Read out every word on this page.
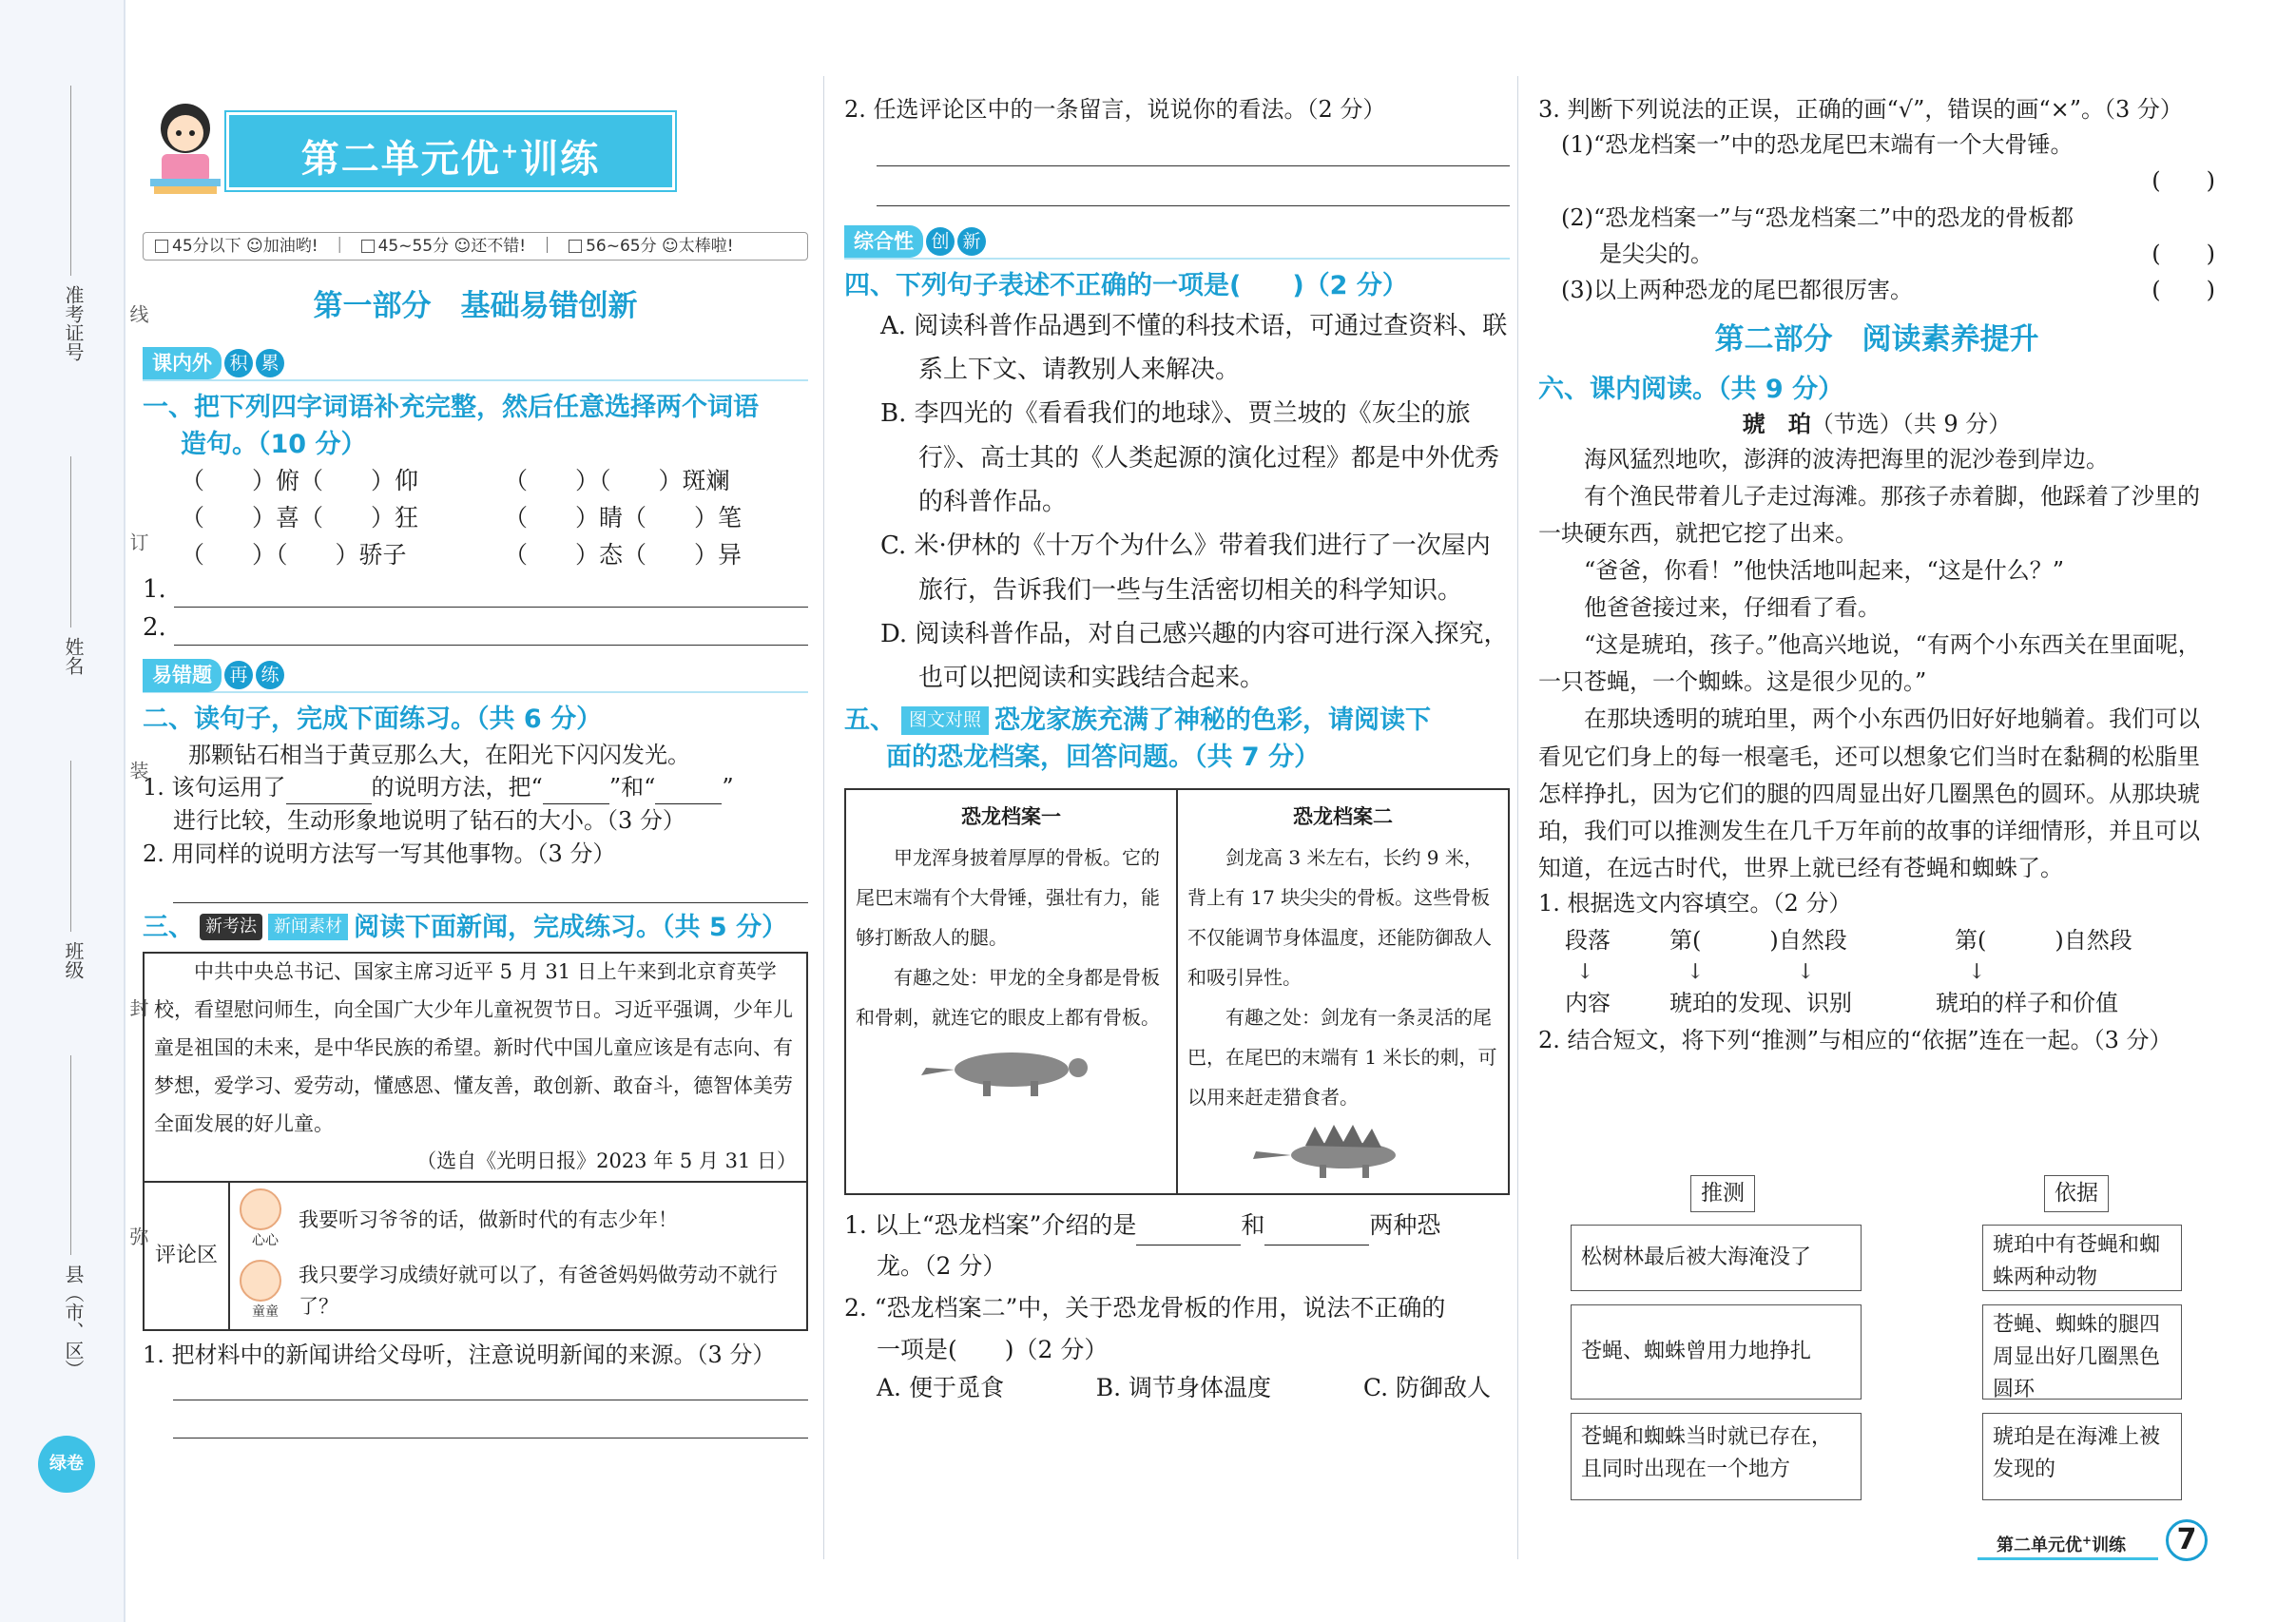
准考证号
姓名
班级
县（市、区）
线
订
装
封
弥
绿卷
第二单元优+训练
45分以下 ☺加油哟! ｜	45~55分 ☺还不错! ｜	56~65分 ☺太棒啦!
第一部分　基础易错创新
课内外 积 累
一、把下列四字词语补充完整，然后任意选择两个词语
造句。（10 分）
（　　）俯（　　）仰	（　　）（　　）斑斓
（　　）喜（　　）狂	（　　）睛（　　）笔
（　　）（　　）骄子	（　　）态（　　）异
1.
2.
易错题 再 练
二、读句子，完成下面练习。（共 6 分）
那颗钻石相当于黄豆那么大，在阳光下闪闪发光。
1. 该句运用了	的说明方法，把“	”和“	”
进行比较，生动形象地说明了钻石的大小。（3 分）
2. 用同样的说明方法写一写其他事物。（3 分）
三、 新考法	新闻素材 阅读下面新闻，完成练习。（共 5 分）

中共中央总书记、国家主席习近平 5 月 31 日上午来到北京育英学校，看望慰问师生，向全国广大少年儿童祝贺节日。习近平强调，少年儿童是祖国的未来，是中华民族的希望。新时代中国儿童应该是有志向、有梦想，爱学习、爱劳动，懂感恩、懂友善，敢创新、敢奋斗，德智体美劳全面发展的好儿童。

（选自《光明日报》2023 年 5 月 31 日）
评论区

心心
我要听习爷爷的话，做新时代的有志少年！

童童
我只要学习成绩好就可以了，有爸爸妈妈做劳动不就行了？
1. 把材料中的新闻讲给父母听，注意说明新闻的来源。（3 分）
2. 任选评论区中的一条留言，说说你的看法。（2 分）
综合性 创 新
四、下列句子表述不正确的一项是(　　)（2 分）
A. 阅读科普作品遇到不懂的科技术语，可通过查资料、联系上下文、请教别人来解决。
B. 李四光的《看看我们的地球》、贾兰坡的《灰尘的旅行》、高士其的《人类起源的演化过程》都是中外优秀的科普作品。
C. 米·伊林的《十万个为什么》带着我们进行了一次屋内旅行，告诉我们一些与生活密切相关的科学知识。
D. 阅读科普作品，对自己感兴趣的内容可进行深入探究，也可以把阅读和实践结合起来。
五、 图文对照 恐龙家族充满了神秘的色彩，请阅读下
面的恐龙档案，回答问题。（共 7 分）
恐龙档案一

甲龙浑身披着厚厚的骨板。它的尾巴末端有个大骨锤，强壮有力，能够打断敌人的腿。

有趣之处：甲龙的全身都是骨板和骨刺，就连它的眼皮上都有骨板。

恐龙档案二

剑龙高 3 米左右，长约 9 米，背上有 17 块尖尖的骨板。这些骨板不仅能调节身体温度，还能防御敌人和吸引异性。

有趣之处：剑龙有一条灵活的尾巴，在尾巴的末端有 1 米长的刺，可以用来赶走猎食者。

1. 以上“恐龙档案”介绍的是	和	两种恐
龙。（2 分）
2. “恐龙档案二”中，关于恐龙骨板的作用，说法不正确的
一项是(　　)（2 分）
A. 便于觅食	B. 调节身体温度	C. 防御敌人
3. 判断下列说法的正误，正确的画“√”，错误的画“×”。（3 分）
(1)“恐龙档案一”中的恐龙尾巴末端有一个大骨锤。
(　　)
(2)“恐龙档案一”与“恐龙档案二”中的恐龙的骨板都
是尖尖的。	(　　)
(3)以上两种恐龙的尾巴都很厉害。	(　　)
第二部分　阅读素养提升
六、课内阅读。（共 9 分）
琥　珀（节选）（共 9 分）

海风猛烈地吹，澎湃的波涛把海里的泥沙卷到岸边。

有个渔民带着儿子走过海滩。那孩子赤着脚，他踩着了沙里的一块硬东西，就把它挖了出来。

“爸爸，你看！”他快活地叫起来，“这是什么？”

他爸爸接过来，仔细看了看。

“这是琥珀，孩子。”他高兴地说，“有两个小东西关在里面呢，一只苍蝇，一个蜘蛛。这是很少见的。”

在那块透明的琥珀里，两个小东西仍旧好好地躺着。我们可以看见它们身上的每一根毫毛，还可以想象它们当时在黏稠的松脂里怎样挣扎，因为它们的腿的四周显出好几圈黑色的圆环。从那块琥珀，我们可以推测发生在几千万年前的故事的详细情形，并且可以知道，在远古时代，世界上就已经有苍蝇和蜘蛛了。

1. 根据选文内容填空。（2 分）
段落	第(　　　)自然段	第(　　　)自然段
↓	↓	↓	↓
内容	琥珀的发现、识别	琥珀的样子和价值
2. 结合短文，将下列“推测”与相应的“依据”连在一起。（3 分）
推测	依据
松树林最后被大海淹没了
苍蝇、蜘蛛曾用力地挣扎
苍蝇和蜘蛛当时就已存在，且同时出现在一个地方
琥珀中有苍蝇和蜘蛛两种动物
苍蝇、蜘蛛的腿四周显出好几圈黑色圆环
琥珀是在海滩上被发现的
第二单元优+训练	7
